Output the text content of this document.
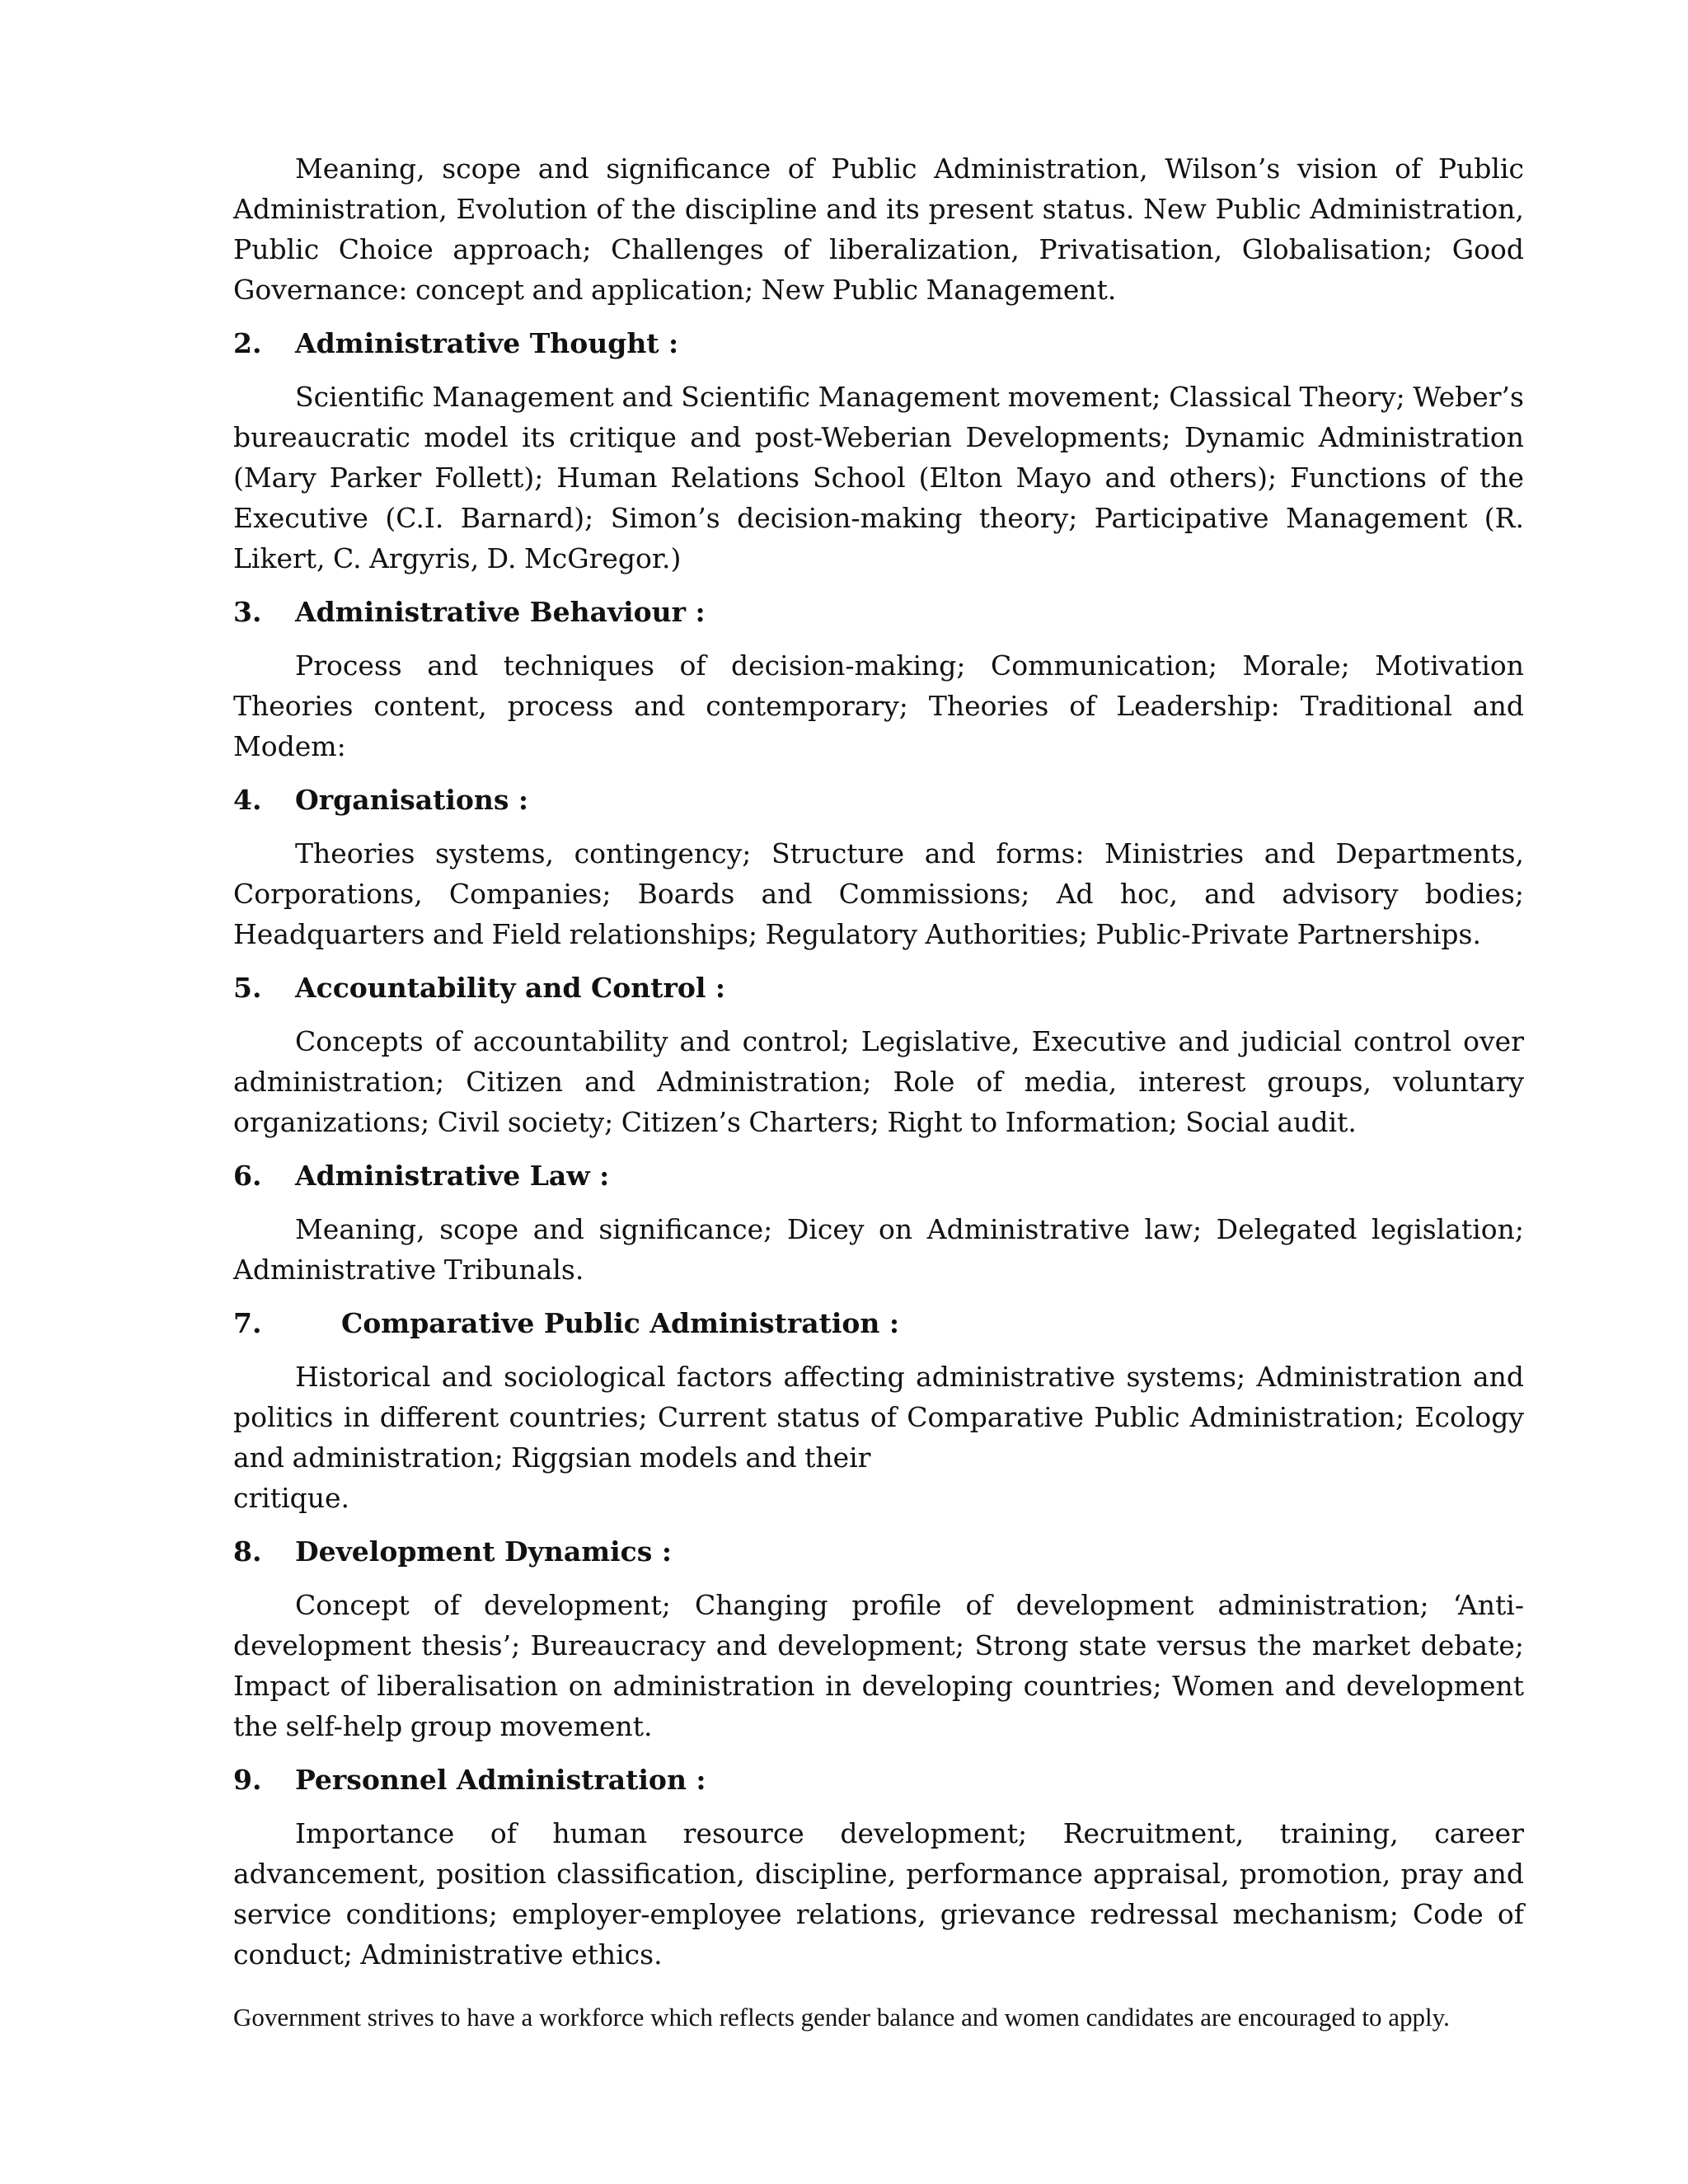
Meaning, scope and significance of Public Administration, Wilson’s vision of Public Administration, Evolution of the discipline and its present status. New Public Administration, Public Choice approach; Challenges of liberalization, Privatisation, Globalisation; Good Governance: concept and application; New Public Management.

2.	Administrative Thought :

Scientific Management and Scientific Management movement; Classical Theory; Weber’s bureaucratic model its critique and post-Weberian Developments; Dynamic Administration (Mary Parker Follett); Human Relations School (Elton Mayo and others); Functions of the Executive (C.I. Barnard); Simon’s decision-making theory; Participative Management (R. Likert, C. Argyris, D. McGregor.)

3.	Administrative Behaviour :

Process and techniques of decision-making; Communication; Morale; Motivation Theories content, process and contemporary; Theories of Leadership: Traditional and Modem:

4.	Organisations :

Theories systems, contingency; Structure and forms: Ministries and Departments, Corporations, Companies; Boards and Commissions; Ad hoc, and advisory bodies; Headquarters and Field relationships; Regulatory Authorities; Public-Private Partnerships.

5.	Accountability and Control :

Concepts of accountability and control; Legislative, Executive and judicial control over administration; Citizen and Administration; Role of media, interest groups, voluntary organizations; Civil society; Citizen’s Charters; Right to Information; Social audit.

6.	Administrative Law :

Meaning, scope and significance; Dicey on Administrative law; Delegated legislation; Administrative Tribunals.

7.	Comparative Public Administration :

Historical and sociological factors affecting administrative systems; Administration and politics in different countries; Current status of Comparative Public Administration; Ecology and administration; Riggsian models and their

critique.

8.	Development Dynamics :

Concept of development; Changing profile of development administration; ‘Anti-development thesis’; Bureaucracy and development; Strong state versus the market debate; Impact of liberalisation on administration in developing countries; Women and development the self-help group movement.

9.	Personnel Administration :

Importance of human resource development; Recruitment, training, career advancement, position classification, discipline, performance appraisal, promotion, pray and service conditions; employer-employee relations, grievance redressal mechanism; Code of conduct; Administrative ethics.

Government strives to have a workforce which reflects gender balance and women candidates are encouraged to apply.
